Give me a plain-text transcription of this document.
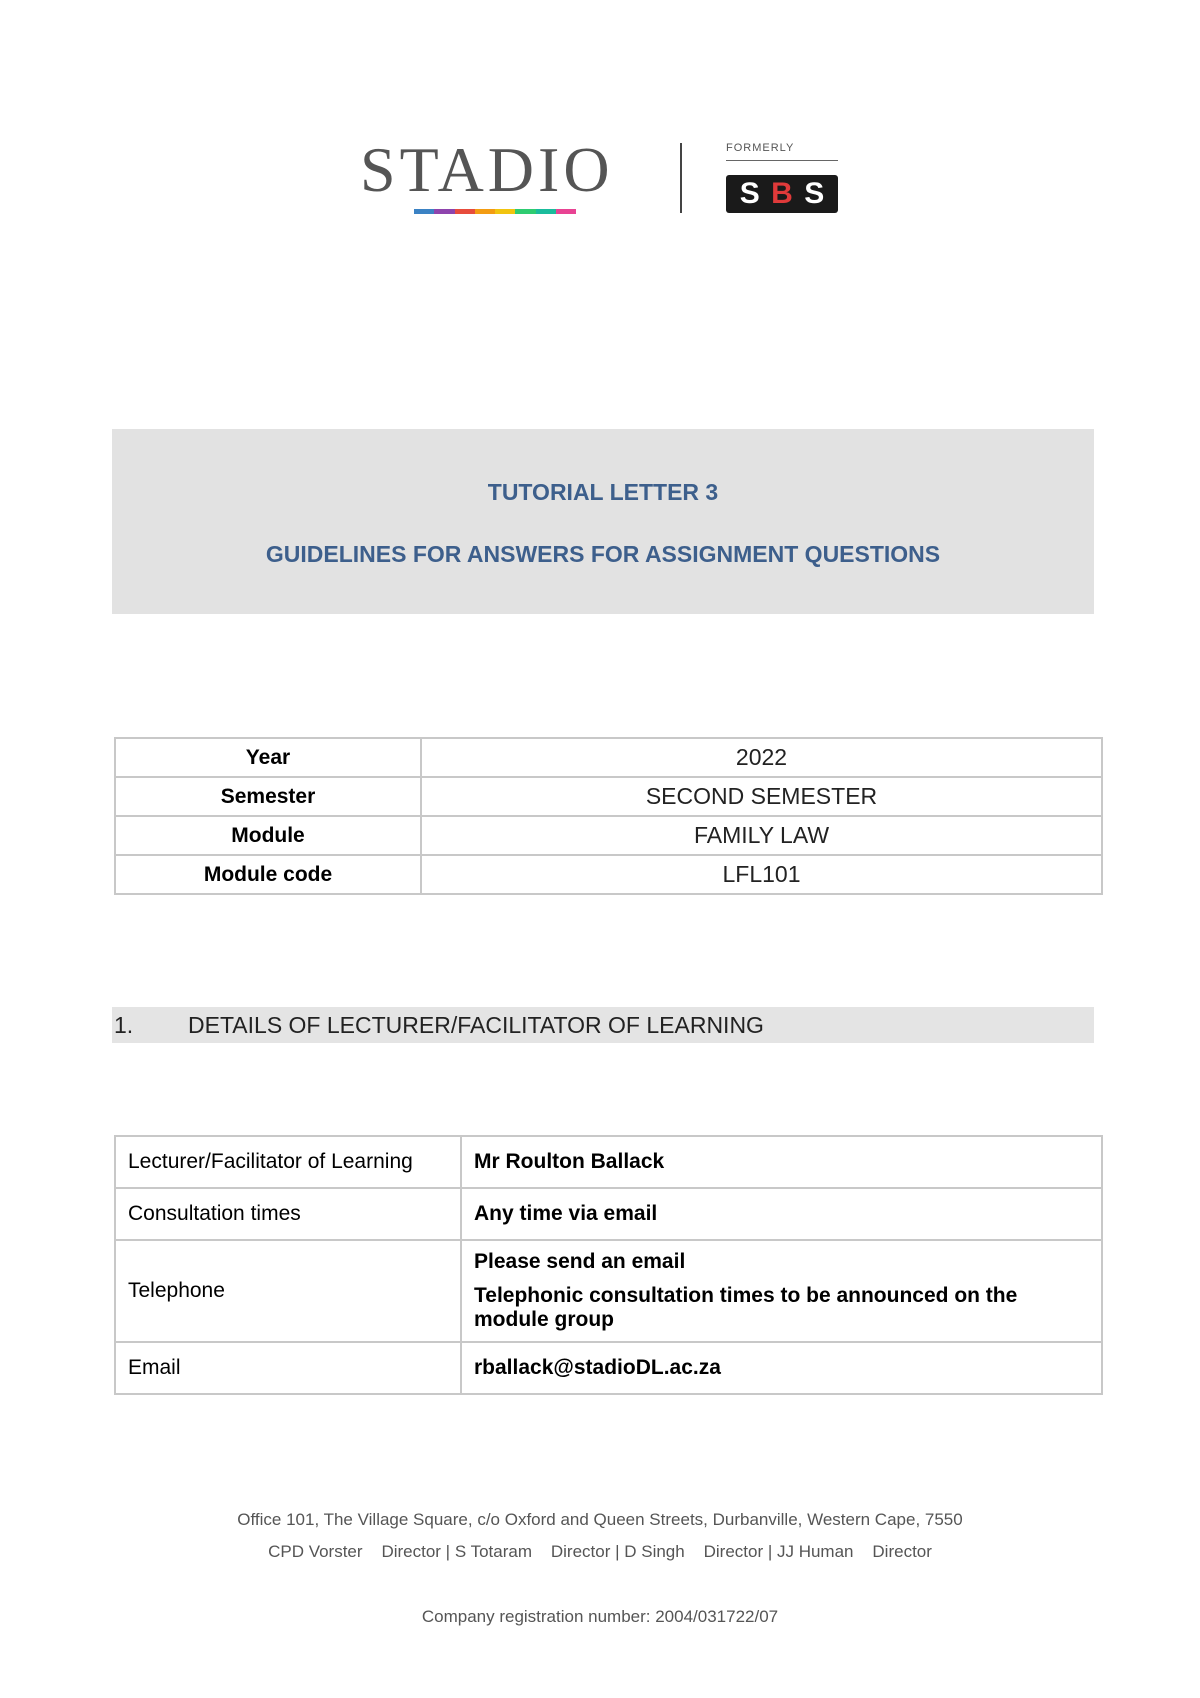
STADIO	FORMERLY
S B S
TUTORIAL LETTER 3
GUIDELINES FOR ANSWERS FOR ASSIGNMENT QUESTIONS
Year	2022
Semester	SECOND SEMESTER
Module	FAMILY LAW
Module code	LFL101
1. DETAILS OF LECTURER/FACILITATOR OF LEARNING
Lecturer/Facilitator of Learning	Mr Roulton Ballack
Consultation times	Any time via email
Telephone	Please send an email
Telephonic consultation times to be announced on the module group
Email	rballack@stadioDL.ac.za
Office 101, The Village Square, c/o Oxford and Queen Streets, Durbanville, Western Cape, 7550
CPD Vorster    Director | S Totaram    Director | D Singh    Director | JJ Human    Director
Company registration number: 2004/031722/07
